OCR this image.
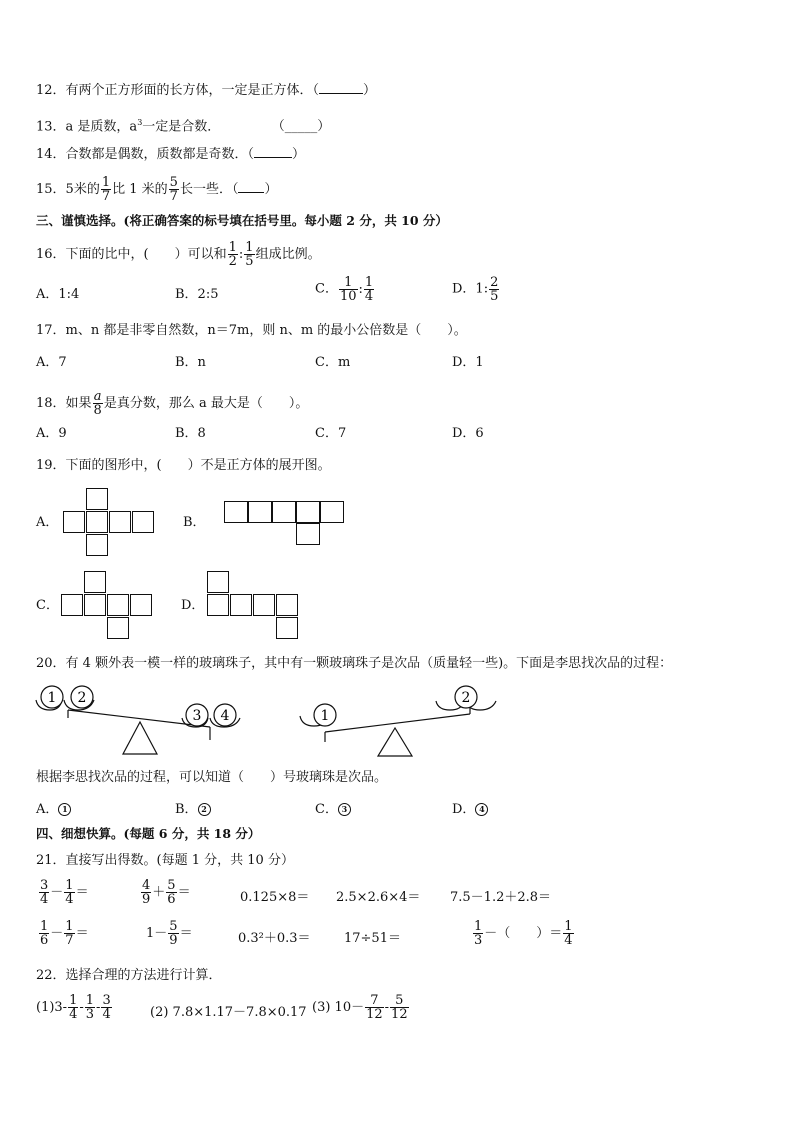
12．有两个正方形面的长方体，一定是正方体．（	）
13．a 是质数，$a^3$一定是合数．	（_____）
14．合数都是偶数，质数都是奇数．（	）
15．5米的 $\frac{1}{7}$ 比 1 米的 $\frac{5}{7}$ 长一些．（ ）
三、谨慎选择。(将正确答案的标号填在括号里。每小题 2 分，共 10 分）
16．下面的比中，(　　）可以和 $\frac{1}{2}$ : $\frac{1}{5}$ 组成比例。
A．1:4	B．2:5	C． $\frac{1}{10}$ : $\frac{1}{4}$	D．1: $\frac{2}{5}$
17．m、n 都是非零自然数，n＝7m，则 n、m 的最小公倍数是（　　）。
A．7	B．n	C．m	D．1
18．如果 $\frac{a}{8}$ 是真分数，那么 a 最大是（　　）。
A．9	B．8	C．7	D．6
19．下面的图形中，(　　）不是正方体的展开图。
A．	B．
C．	D．
20．有 4 颗外表一模一样的玻璃珠子，其中有一颗玻璃珠子是次品（质量轻一些)。下面是李思找次品的过程：
1 2
3 4	1
2
根据李思找次品的过程，可以知道（　　）号玻璃珠是次品。
A． 1	B． 2	C． 3	D． 4
四、细想快算。(每题 6 分，共 18 分）
21．直接写出得数。(每题 1 分，共 10 分）
$\frac{3}{4} - \frac{1}{4}$ ＝	$\frac{4}{9} + \frac{5}{6}$ ＝	0.125×8＝ 2.5×2.6×4＝ 7.5－1.2＋2.8＝
$\frac{1}{6} - \frac{1}{7}$ ＝	$1- \frac{5}{9}$ ＝	0.3²＋0.3＝	17÷51＝	$\frac{1}{3}$ －（　　）＝ $\frac{1}{4}$
22．选择合理的方法进行计算．
$(1)3- \frac{1}{4} - \frac{1}{3} - \frac{3}{4}$	(2) 7.8×1.17－7.8×0.17 (3) $10- \frac{7}{12} - \frac{5}{12}$
